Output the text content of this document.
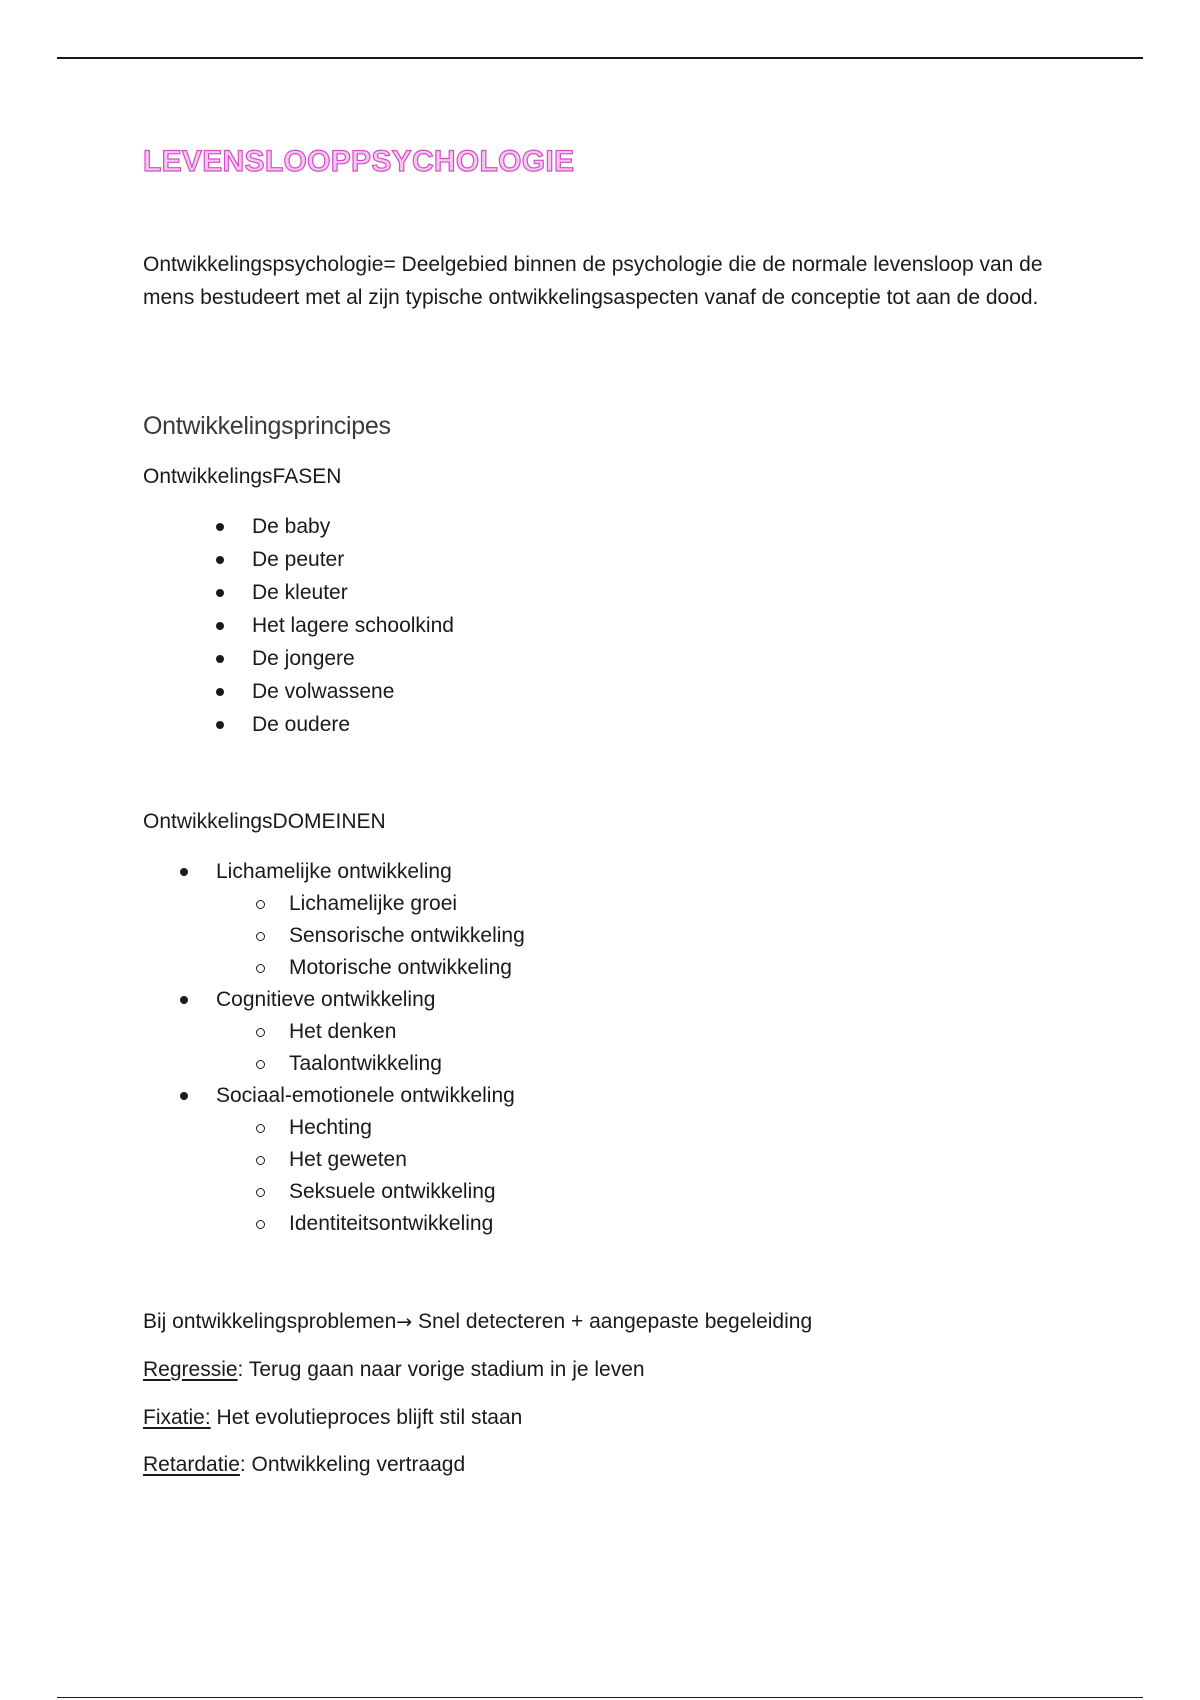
LEVENSLOOPPSYCHOLOGIE

Ontwikkelingspsychologie= Deelgebied binnen de psychologie die de normale levensloop van de mens bestudeert met al zijn typische ontwikkelingsaspecten vanaf de conceptie tot aan de dood.

Ontwikkelingsprincipes

OntwikkelingsFASEN

De baby
De peuter
De kleuter
Het lagere schoolkind
De jongere
De volwassene
De oudere

OntwikkelingsDOMEINEN

Lichamelijke ontwikkeling
Lichamelijke groei
Sensorische ontwikkeling
Motorische ontwikkeling
Cognitieve ontwikkeling
Het denken
Taalontwikkeling
Sociaal-emotionele ontwikkeling
Hechting
Het geweten
Seksuele ontwikkeling
Identiteitsontwikkeling

Bij ontwikkelingsproblemen→ Snel detecteren + aangepaste begeleiding

Regressie: Terug gaan naar vorige stadium in je leven

Fixatie: Het evolutieproces blijft stil staan

Retardatie: Ontwikkeling vertraagd
